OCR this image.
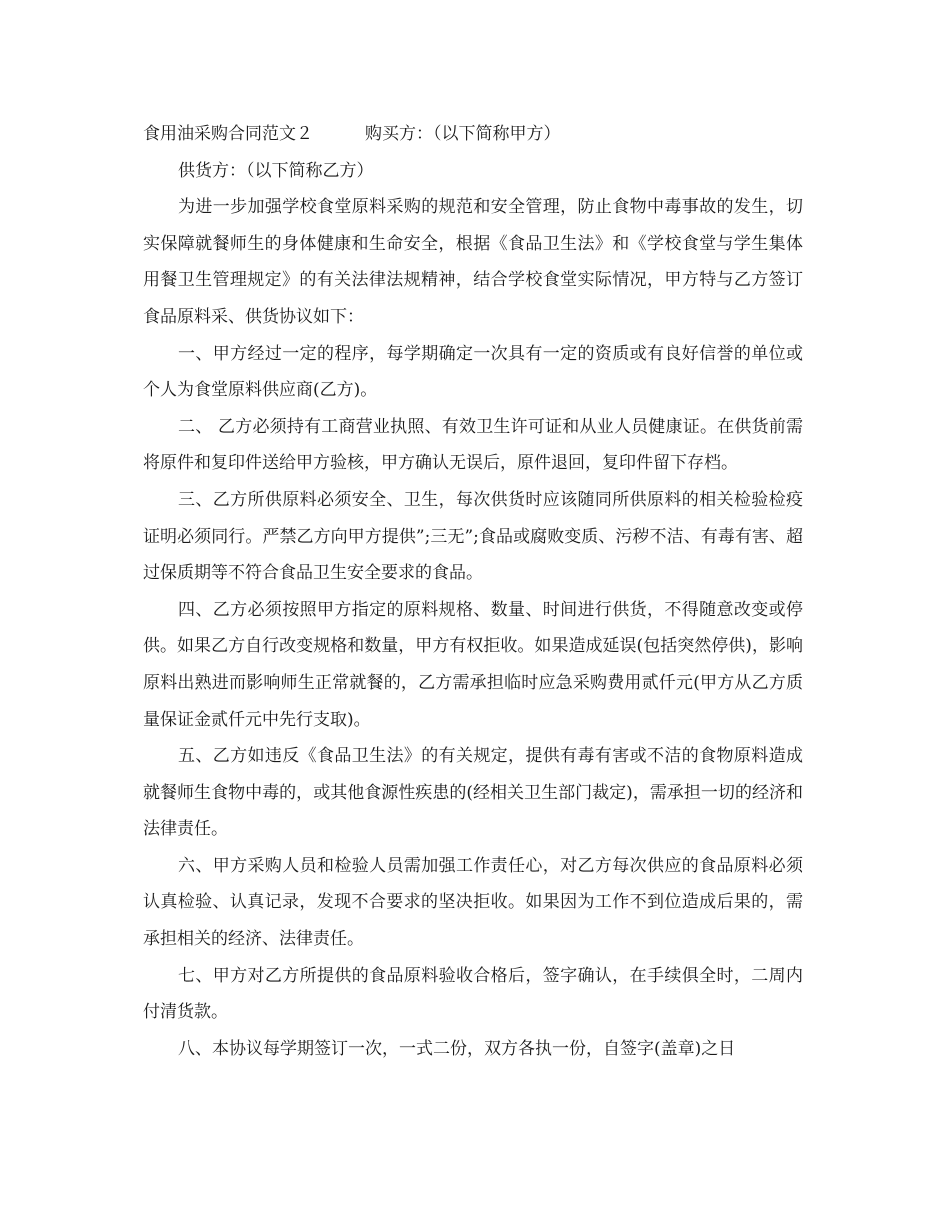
食用油采购合同范文２	购买方：（以下简称甲方）

供货方：（以下简称乙方）

为进一步加强学校食堂原料采购的规范和安全管理，防止食物中毒事故的发生，切实保障就餐师生的身体健康和生命安全，根据《食品卫生法》和《学校食堂与学生集体用餐卫生管理规定》的有关法律法规精神，结合学校食堂实际情况，甲方特与乙方签订食品原料采、供货协议如下：

一、甲方经过一定的程序，每学期确定一次具有一定的资质或有良好信誉的单位或个人为食堂原料供应商(乙方)。

二、 乙方必须持有工商营业执照、有效卫生许可证和从业人员健康证。在供货前需将原件和复印件送给甲方验核，甲方确认无误后，原件退回，复印件留下存档。

三、乙方所供原料必须安全、卫生，每次供货时应该随同所供原料的相关检验检疫证明必须同行。严禁乙方向甲方提供”;三无”;食品或腐败变质、污秽不洁、有毒有害、超过保质期等不符合食品卫生安全要求的食品。

四、乙方必须按照甲方指定的原料规格、数量、时间进行供货，不得随意改变或停供。如果乙方自行改变规格和数量，甲方有权拒收。如果造成延误(包括突然停供)，影响原料出熟进而影响师生正常就餐的，乙方需承担临时应急采购费用贰仟元(甲方从乙方质量保证金贰仟元中先行支取)。

五、乙方如违反《食品卫生法》的有关规定，提供有毒有害或不洁的食物原料造成就餐师生食物中毒的，或其他食源性疾患的(经相关卫生部门裁定)，需承担一切的经济和法律责任。

六、甲方采购人员和检验人员需加强工作责任心，对乙方每次供应的食品原料必须认真检验、认真记录，发现不合要求的坚决拒收。如果因为工作不到位造成后果的，需承担相关的经济、法律责任。

七、甲方对乙方所提供的食品原料验收合格后，签字确认，在手续俱全时，二周内付清货款。

八、本协议每学期签订一次，一式二份，双方各执一份，自签字(盖章)之日
